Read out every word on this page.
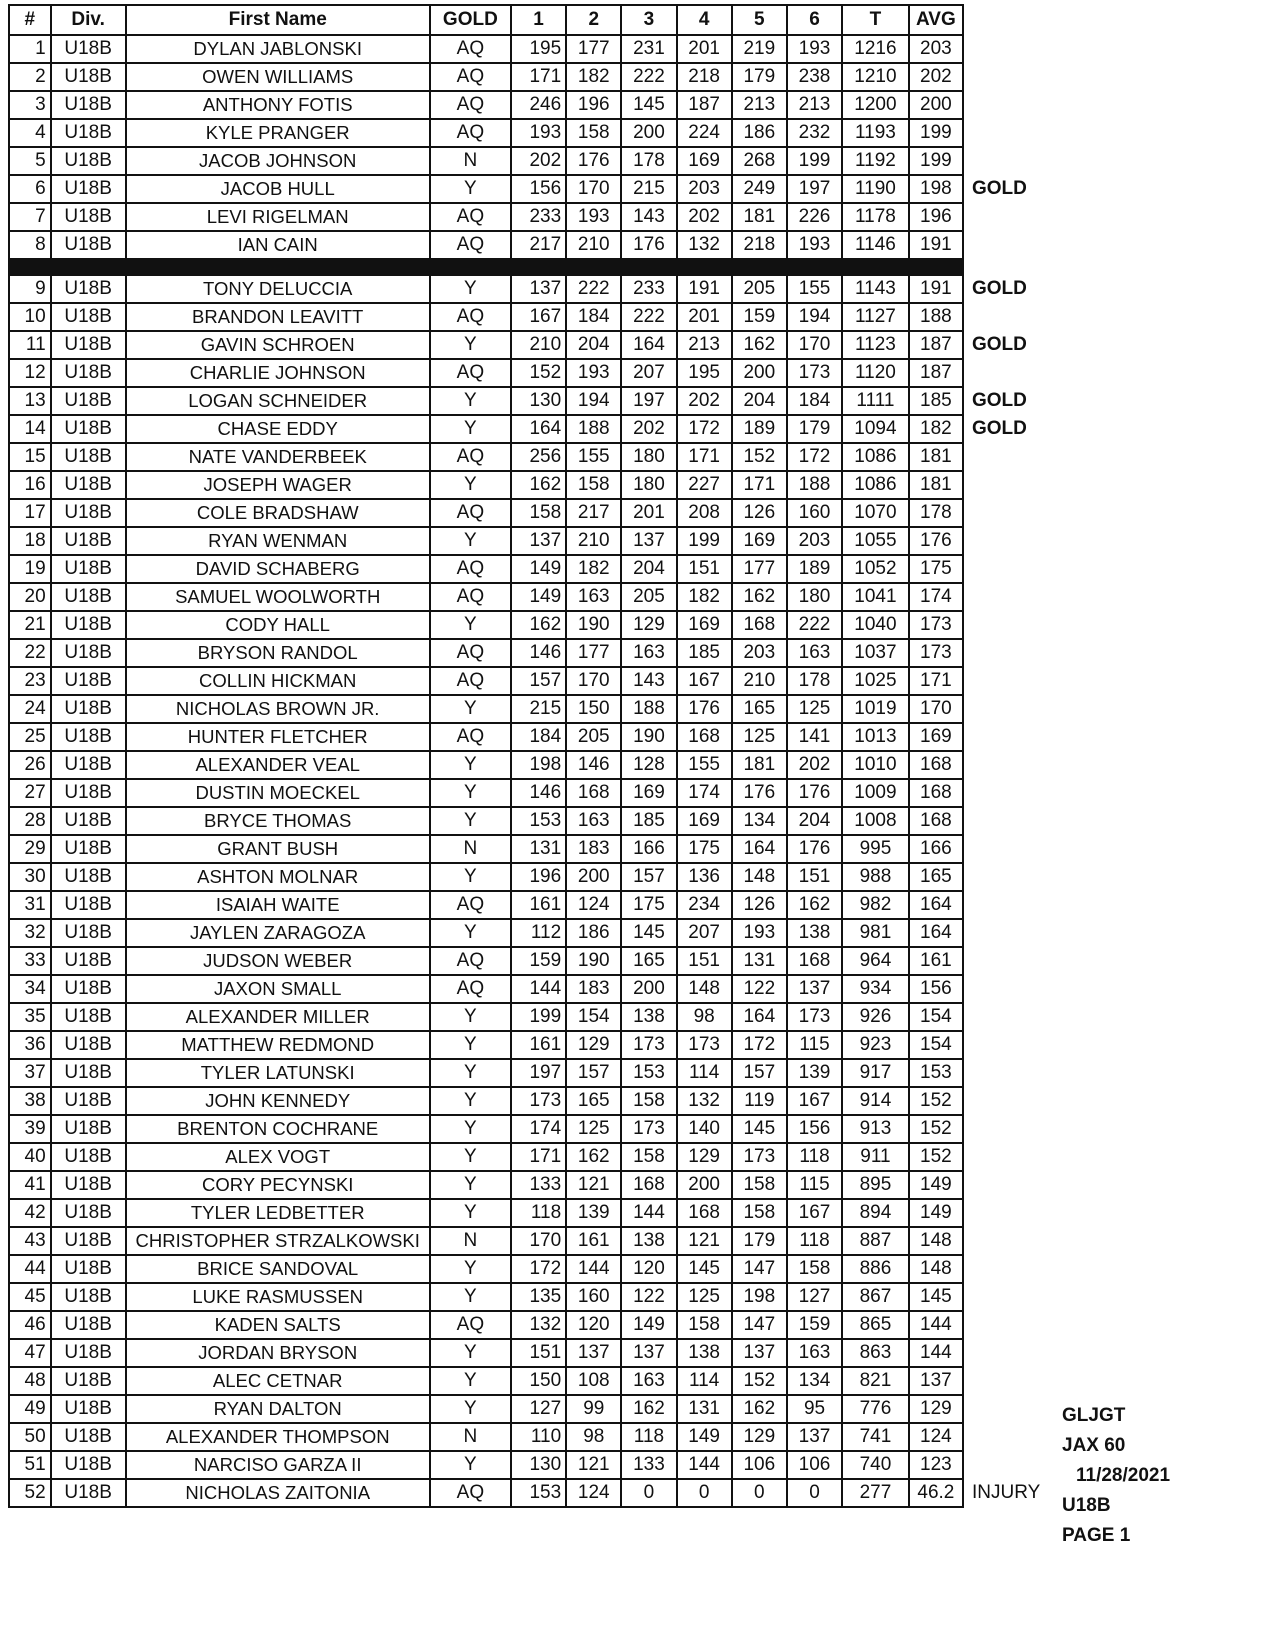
#	Div.	First Name	GOLD	1	2	3	4	5	6	T	AVG
1	U18B	DYLAN JABLONSKI	AQ	195	177	231	201	219	193	1216	203
2	U18B	OWEN WILLIAMS	AQ	171	182	222	218	179	238	1210	202
3	U18B	ANTHONY FOTIS	AQ	246	196	145	187	213	213	1200	200
4	U18B	KYLE PRANGER	AQ	193	158	200	224	186	232	1193	199
5	U18B	JACOB JOHNSON	N	202	176	178	169	268	199	1192	199
6	U18B	JACOB HULL	Y	156	170	215	203	249	197	1190	198
7	U18B	LEVI RIGELMAN	AQ	233	193	143	202	181	226	1178	196
8	U18B	IAN CAIN	AQ	217	210	176	132	218	193	1146	191

9	U18B	TONY DELUCCIA	Y	137	222	233	191	205	155	1143	191
10	U18B	BRANDON LEAVITT	AQ	167	184	222	201	159	194	1127	188
11	U18B	GAVIN SCHROEN	Y	210	204	164	213	162	170	1123	187
12	U18B	CHARLIE JOHNSON	AQ	152	193	207	195	200	173	1120	187
13	U18B	LOGAN SCHNEIDER	Y	130	194	197	202	204	184	1111	185
14	U18B	CHASE EDDY	Y	164	188	202	172	189	179	1094	182
15	U18B	NATE VANDERBEEK	AQ	256	155	180	171	152	172	1086	181
16	U18B	JOSEPH WAGER	Y	162	158	180	227	171	188	1086	181
17	U18B	COLE BRADSHAW	AQ	158	217	201	208	126	160	1070	178
18	U18B	RYAN WENMAN	Y	137	210	137	199	169	203	1055	176
19	U18B	DAVID SCHABERG	AQ	149	182	204	151	177	189	1052	175
20	U18B	SAMUEL WOOLWORTH	AQ	149	163	205	182	162	180	1041	174
21	U18B	CODY HALL	Y	162	190	129	169	168	222	1040	173
22	U18B	BRYSON RANDOL	AQ	146	177	163	185	203	163	1037	173
23	U18B	COLLIN HICKMAN	AQ	157	170	143	167	210	178	1025	171
24	U18B	NICHOLAS BROWN JR.	Y	215	150	188	176	165	125	1019	170
25	U18B	HUNTER FLETCHER	AQ	184	205	190	168	125	141	1013	169
26	U18B	ALEXANDER VEAL	Y	198	146	128	155	181	202	1010	168
27	U18B	DUSTIN MOECKEL	Y	146	168	169	174	176	176	1009	168
28	U18B	BRYCE THOMAS	Y	153	163	185	169	134	204	1008	168
29	U18B	GRANT BUSH	N	131	183	166	175	164	176	995	166
30	U18B	ASHTON MOLNAR	Y	196	200	157	136	148	151	988	165
31	U18B	ISAIAH WAITE	AQ	161	124	175	234	126	162	982	164
32	U18B	JAYLEN ZARAGOZA	Y	112	186	145	207	193	138	981	164
33	U18B	JUDSON WEBER	AQ	159	190	165	151	131	168	964	161
34	U18B	JAXON SMALL	AQ	144	183	200	148	122	137	934	156
35	U18B	ALEXANDER MILLER	Y	199	154	138	98	164	173	926	154
36	U18B	MATTHEW REDMOND	Y	161	129	173	173	172	115	923	154
37	U18B	TYLER LATUNSKI	Y	197	157	153	114	157	139	917	153
38	U18B	JOHN KENNEDY	Y	173	165	158	132	119	167	914	152
39	U18B	BRENTON COCHRANE	Y	174	125	173	140	145	156	913	152
40	U18B	ALEX VOGT	Y	171	162	158	129	173	118	911	152
41	U18B	CORY PECYNSKI	Y	133	121	168	200	158	115	895	149
42	U18B	TYLER LEDBETTER	Y	118	139	144	168	158	167	894	149
43	U18B	CHRISTOPHER STRZALKOWSKI	N	170	161	138	121	179	118	887	148
44	U18B	BRICE SANDOVAL	Y	172	144	120	145	147	158	886	148
45	U18B	LUKE RASMUSSEN	Y	135	160	122	125	198	127	867	145
46	U18B	KADEN SALTS	AQ	132	120	149	158	147	159	865	144
47	U18B	JORDAN BRYSON	Y	151	137	137	138	137	163	863	144
48	U18B	ALEC CETNAR	Y	150	108	163	114	152	134	821	137
49	U18B	RYAN DALTON	Y	127	99	162	131	162	95	776	129
50	U18B	ALEXANDER THOMPSON	N	110	98	118	149	129	137	741	124
51	U18B	NARCISO GARZA II	Y	130	121	133	144	106	106	740	123
52	U18B	NICHOLAS ZAITONIA	AQ	153	124	0	0	0	0	277	46.2
GOLD
GOLD
GOLD
GOLD
GOLD
INJURY
GLJGT
JAX 60
11/28/2021
U18B
PAGE 1
